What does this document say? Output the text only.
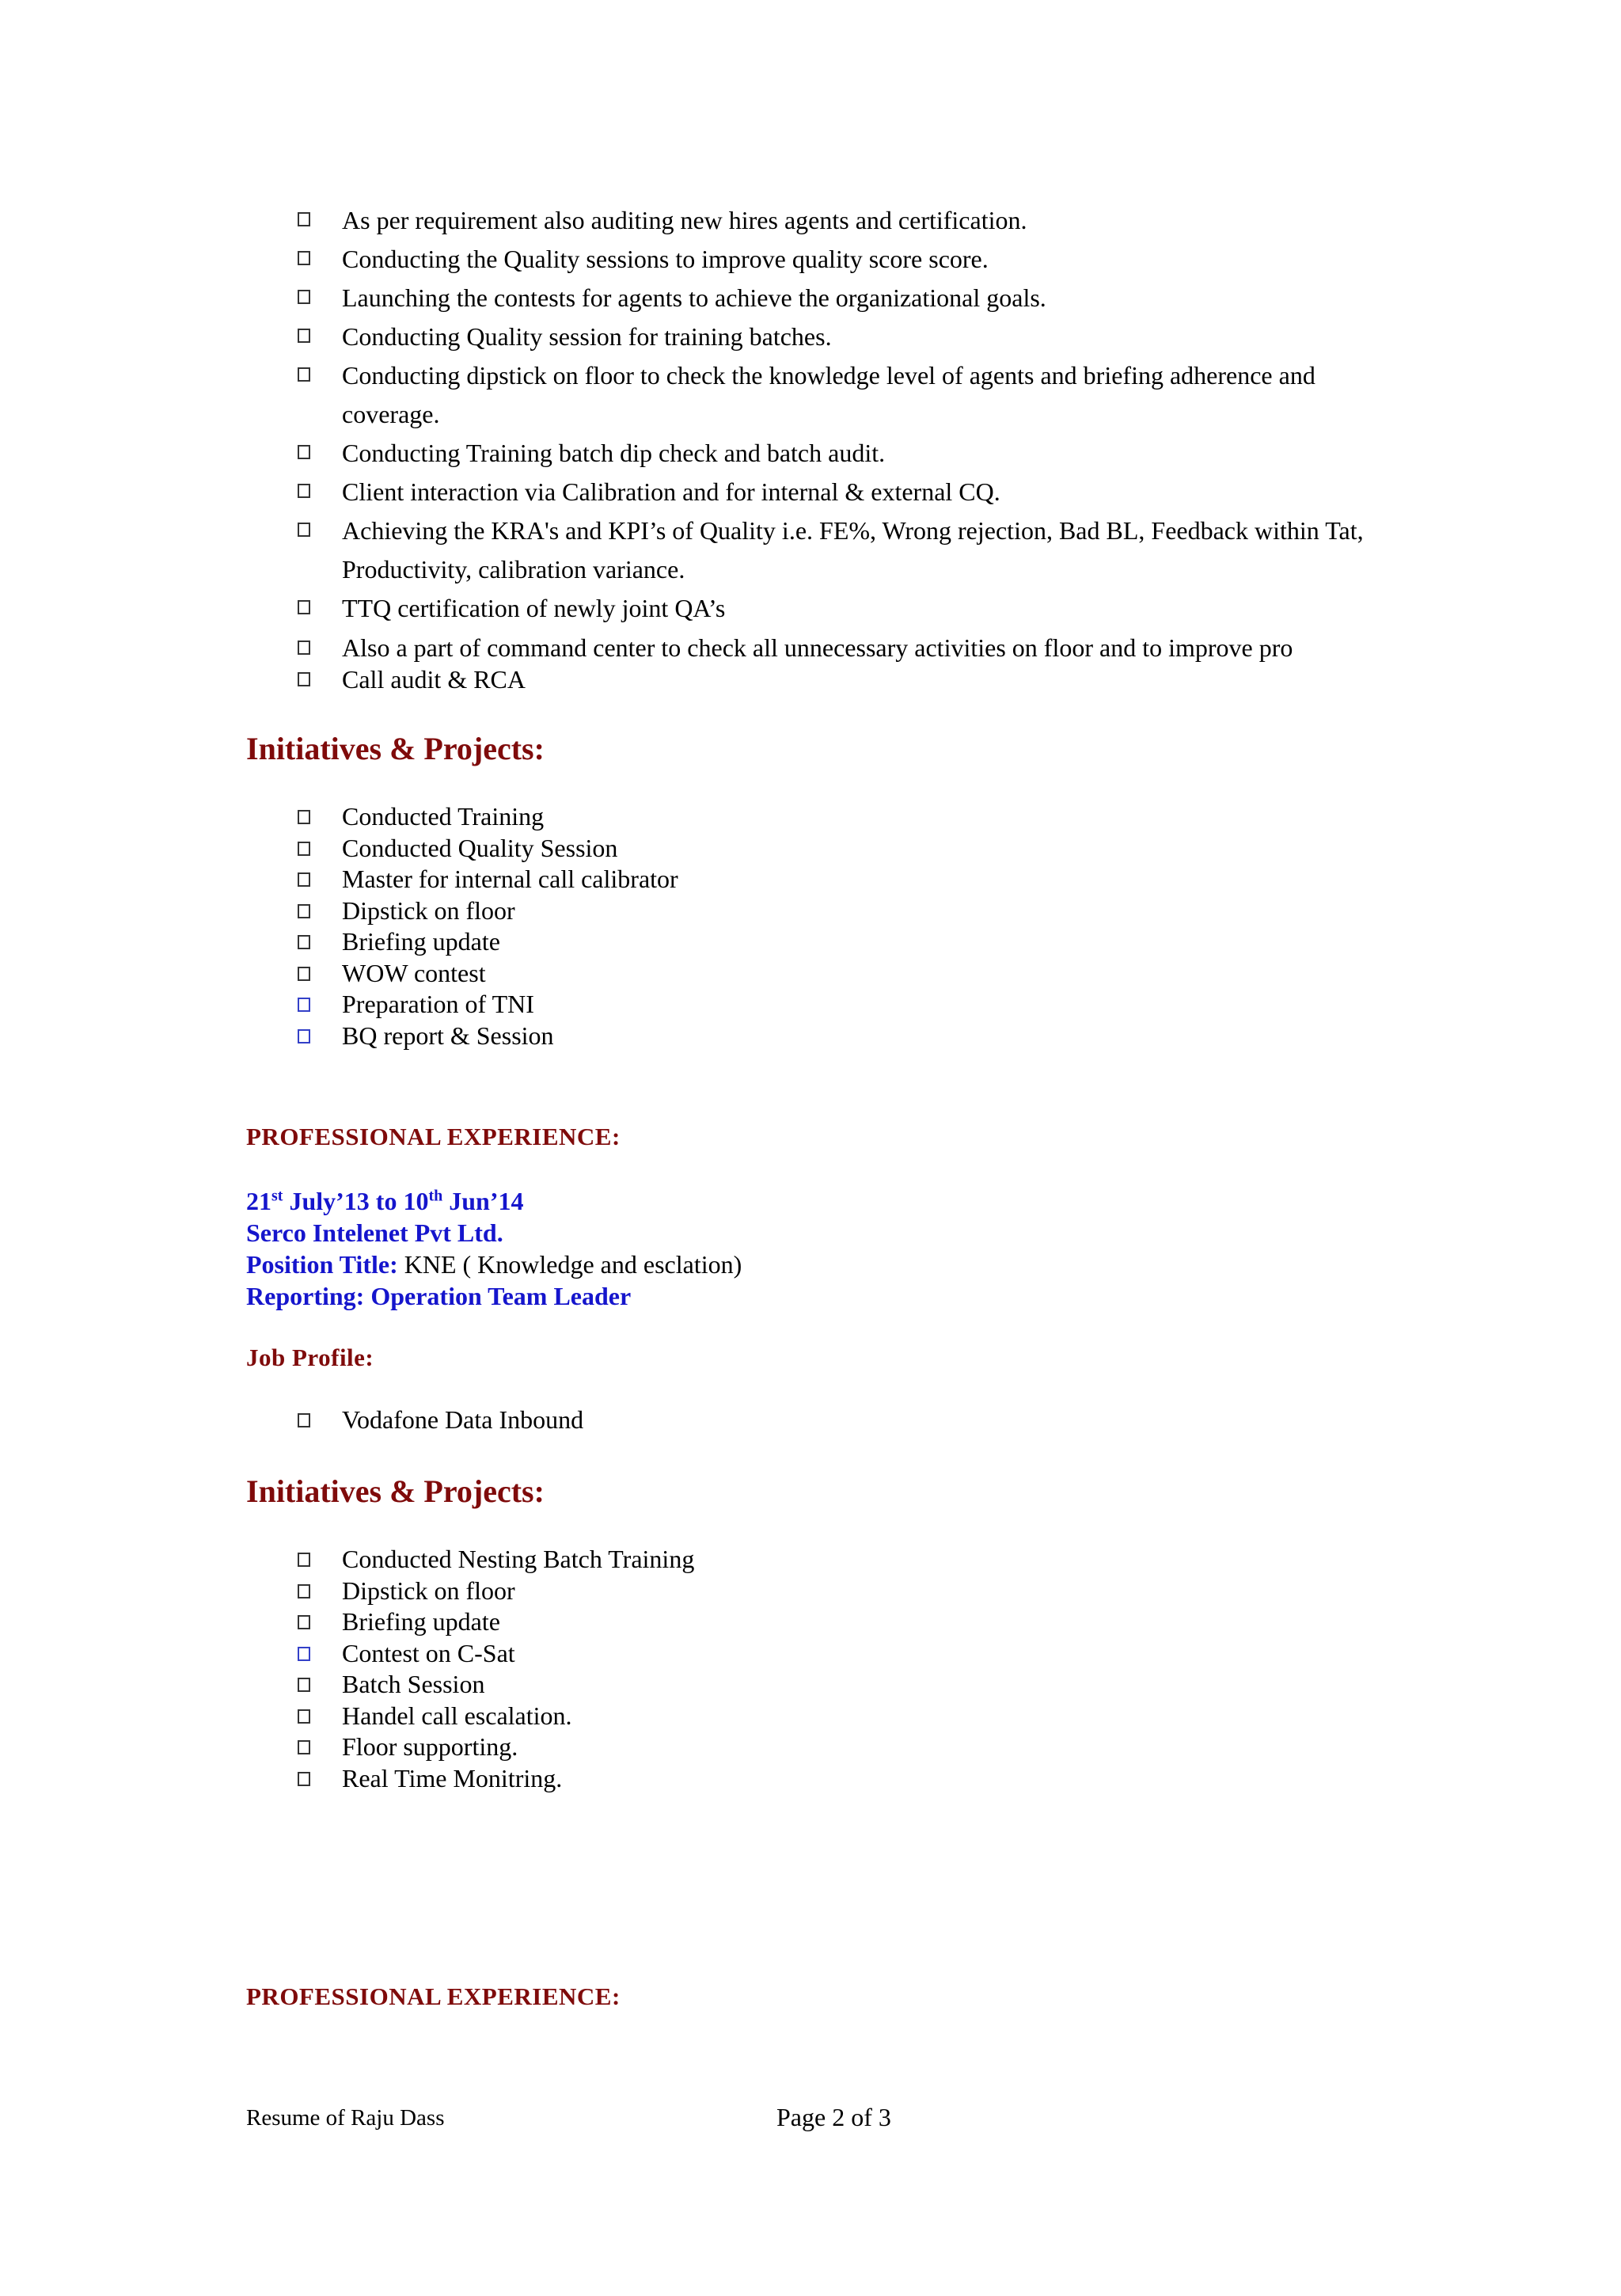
As per requirement also auditing new hires agents and certification.
Conducting the Quality sessions to improve quality score score.
Launching the contests for agents to achieve the organizational goals.
Conducting Quality session for training batches.
Conducting dipstick on floor to check the knowledge level of agents and briefing adherence and coverage.
Conducting Training batch dip check and batch audit.
Client interaction via Calibration and for internal & external CQ.
Achieving the KRA's and KPI’s of Quality i.e. FE%, Wrong rejection, Bad BL, Feedback within Tat, Productivity, calibration variance.
TTQ certification of newly joint QA’s
Also a part of command center to check all unnecessary activities on floor and to improve pro
Call audit & RCA
Initiatives & Projects:
Conducted Training
Conducted Quality Session
Master for internal call calibrator
Dipstick on floor
Briefing update
WOW contest
Preparation of TNI
BQ report & Session
PROFESSIONAL EXPERIENCE:

21st July’13 to 10th Jun’14

Serco Intelenet Pvt Ltd.

Position Title: KNE ( Knowledge and esclation)

Reporting: Operation Team Leader

Job Profile:
Vodafone Data Inbound
Initiatives & Projects:
Conducted Nesting Batch Training
Dipstick on floor
Briefing update
Contest on C-Sat
Batch Session
Handel call escalation.
Floor supporting.
Real Time Monitring.
PROFESSIONAL EXPERIENCE:
Resume of Raju Dass	Page 2 of 3
